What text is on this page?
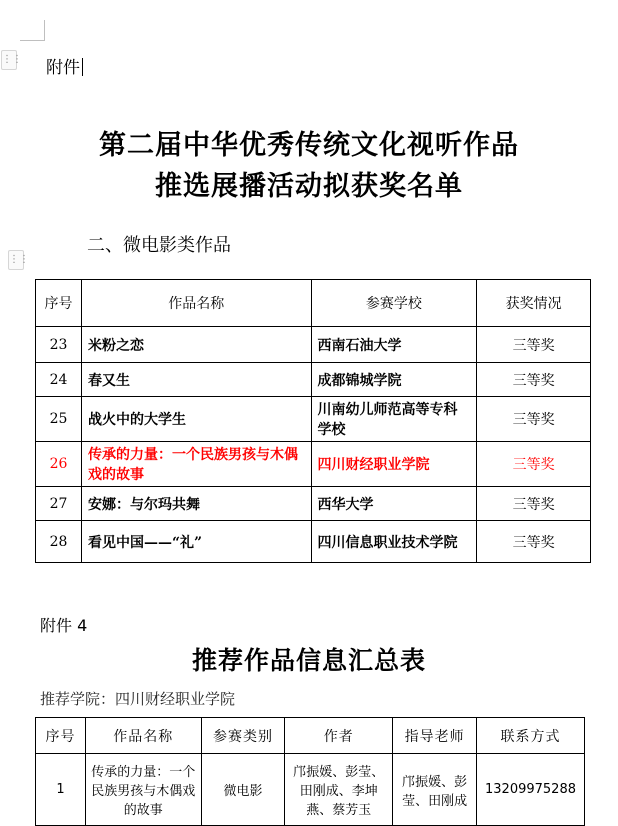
⋮⋮ 附件
第二届中华优秀传统文化视听作品
推选展播活动拟获奖名单
⋮⋮
二、微电影类作品
序号	作品名称	参赛学校	获奖情况
23	米粉之恋	西南石油大学	三等奖
24	春又生	成都锦城学院	三等奖
25	战火中的大学生	川南幼儿师范高等专科学校	三等奖
26	传承的力量：一个民族男孩与木偶戏的故事	四川财经职业学院	三等奖
27	安娜：与尔玛共舞	西华大学	三等奖
28	看见中国——“礼”	四川信息职业技术学院	三等奖
附件 4
推荐作品信息汇总表
推荐学院：四川财经职业学院
序号	作品名称	参赛类别	作者	指导老师	联系方式
1	传承的力量：一个民族男孩与木偶戏的故事	微电影	邝振媛、彭莹、田刚成、李坤燕、蔡芳玉	邝振媛、彭莹、田刚成	13209975288
